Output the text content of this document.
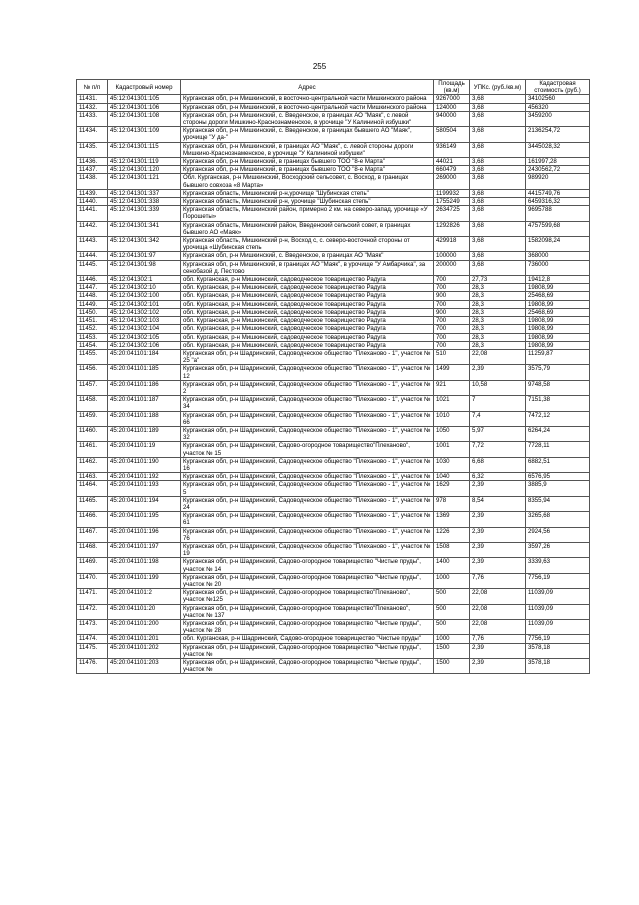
255
№ п/п	Кадастровый номер	Адрес	Площадь (кв.м)	УПКс. (руб./кв.м)	Кадастровая стоимость (руб.)
11431.	45:12:041301:105	Курганская обл, р-н Мишкинский, в восточно-центральной части Мишкинского района	9267000	3,68	34102560
11432.	45:12:041301:106	Курганская обл, р-н Мишкинский, в восточно-центральной части Мишкинского района	124000	3,68	456320
11433.	45:12:041301:108	Курганская обл, р-н Мишкинский, с. Введенское, в границах АО "Маяк", с левой стороны дороги Мишкино-Краснознаменское, в урочище "У Калининой избушки"	940000	3,68	3459200
11434.	45:12:041301:109	Курганская обл, р-н Мишкинский, с. Введенское, в границах бывшего АО "Маяк", урочище "У да-"	580504	3,68	2136254,72
11435.	45:12:041301:115	Курганская обл, р-н Мишкинский, в границах АО "Маяк", с. левой стороны дороги Мишкино-Краснознаменское, в урочище "У Калининой избушки"	936149	3,68	3445028,32
11436.	45:12:041301:119	Курганская обл, р-н Мишкинский, в границах бывшего ТОО "8-е Марта"	44021	3,68	161997,28
11437.	45:12:041301:120	Курганская обл, р-н Мишкинский, в границах бывшего ТОО "8-е Марта"	660479	3,68	2430562,72
11438.	45:12:041301:121	Обл. Курганская, р-н Мишкинский, Восходский сельсовет, с. Восход, в границах бывшего совхоза «8 Марта»	269000	3,68	989920
11439.	45:12:041301:337	Курганская область, Мишкинский р-н,урочище "Шубинская степь"	1199932	3,68	4415749,76
11440.	45:12:041301:338	Курганская область, Мишкинский р-н, урочище "Шубинская степь"	1755249	3,68	6459316,32
11441.	45:12:041301:339	Курганская область, Мишкинский район, примерно 2 км. на северо-запад, урочище «У Порошеты»	2634725	3,68	9695788
11442.	45:12:041301:341	Курганская область, Мишкинский район, Введенский сельский совет, в границах бывшего АО «Маяк»	1292826	3,68	4757599,68
11443.	45:12:041301:342	Курганская область, Мишкинский р-н, Восход с, с. северо-восточной стороны от урочища «Шубинская степь	429918	3,68	1582098,24
11444.	45:12:041301:97	Курганская обл, р-н Мишкинский, с. Введенское, в границах АО "Маяк"	100000	3,68	368000
11445.	45:12:041301:98	Курганская обл, р-н Мишкинский, в границах АО "Маяк", в урочище "У Амбарчика", за сенобазой д. Пестово	200000	3,68	736000
11446.	45:12:041302:1	обл. Курганская, р-н Мишкинский, садоводческое товарищество Радуга	700	27,73	19412,8
11447.	45:12:041302:10	обл. Курганская, р-н Мишкинский, садоводческое товарищество Радуга	700	28,3	19808,99
11448.	45:12:041302:100	обл. Курганская, р-н Мишкинский, садоводческое товарищество Радуга	900	28,3	25468,69
11449.	45:12:041302:101	обл. Курганская, р-н Мишкинский, садоводческое товарищество Радуга	700	28,3	19808,99
11450.	45:12:041302:102	обл. Курганская, р-н Мишкинский, садоводческое товарищество Радуга	900	28,3	25468,69
11451.	45:12:041302:103	обл. Курганская, р-н Мишкинский, садоводческое товарищество Радуга	700	28,3	19808,99
11452.	45:12:041302:104	обл. Курганская, р-н Мишкинский, садоводческое товарищество Радуга	700	28,3	19808,99
11453.	45:12:041302:105	обл. Курганская, р-н Мишкинский, садоводческое товарищество Радуга	700	28,3	19808,99
11454.	45:12:041302:106	обл. Курганская, р-н Мишкинский, садоводческое товарищество Радуга	700	28,3	19808,99
11455.	45:20:041101:184	Курганская обл, р-н Шадринский, Садоводческое общество "Плеханово - 1", участок № 25 "а"	510	22,08	11259,87
11456.	45:20:041101:185	Курганская обл, р-н Шадринский, Садоводческое общество "Плеханово - 1", участок № 12	1499	2,39	3575,79
11457.	45:20:041101:186	Курганская обл, р-н Шадринский, Садоводческое общество "Плеханово - 1", участок № 2	921	10,58	9748,58
11458.	45:20:041101:187	Курганская обл, р-н Шадринский, Садоводческое общество "Плеханово - 1", участок № 34	1021	7	7151,38
11459.	45:20:041101:188	Курганская обл, р-н Шадринский, Садоводческое общество "Плеханово - 1", участок № 66	1010	7,4	7472,12
11460.	45:20:041101:189	Курганская обл, р-н Шадринский, Садоводческое общество "Плеханово - 1", участок № 32	1050	5,97	6264,24
11461.	45:20:041101:19	Курганская обл, р-н Шадринский, Садово-огородное товарищество"Плеханово", участок № 15	1001	7,72	7728,11
11462.	45:20:041101:190	Курганская обл, р-н Шадринский, Садоводческое общество "Плеханово - 1", участок № 16	1030	6,68	6882,51
11463.	45:20:041101:192	Курганская обл, р-н Шадринский, Садоводческое общество "Плеханово - 1", участок №	1040	6,32	6576,95
11464.	45:20:041101:193	Курганская обл, р-н Шадринский, Садоводческое общество "Плеханово - 1", участок № 5	1629	2,39	3885,9
11465.	45:20:041101:194	Курганская обл, р-н Шадринский, Садоводческое общество "Плеханово - 1", участок № 24	978	8,54	8355,94
11466.	45:20:041101:195	Курганская обл, р-н Шадринский, Садоводческое общество "Плеханово - 1", участок № 61	1369	2,39	3265,68
11467.	45:20:041101:196	Курганская обл, р-н Шадринский, Садоводческое общество "Плеханово - 1", участок № 76	1226	2,39	2924,56
11468.	45:20:041101:197	Курганская обл, р-н Шадринский, Садоводческое общество "Плеханово - 1", участок № 19	1508	2,39	3597,26
11469.	45:20:041101:198	Курганская обл, р-н Шадринский, Садово-огородное товарищество "Чистые пруды", участок № 14	1400	2,39	3339,63
11470.	45:20:041101:199	Курганская обл, р-н Шадринский, Садово-огородное товарищество "Чистые пруды", участок № 20	1000	7,76	7756,19
11471.	45:20:041101:2	Курганская обл, р-н Шадринский, Садово-огородное товарищество"Плеханово", участок №125	500	22,08	11039,09
11472.	45:20:041101:20	Курганская обл, р-н Шадринский, Садово-огородное товарищество"Плеханово", участок № 137	500	22,08	11039,09
11473.	45:20:041101:200	Курганская обл, р-н Шадринский, Садово-огородное товарищество "Чистые пруды", участок № 28	500	22,08	11039,09
11474.	45:20:041101:201	обл. Курганская, р-н Шадринский, Садово-огородное товарищество "Чистые пруды"	1000	7,76	7756,19
11475.	45:20:041101:202	Курганская обл, р-н Шадринский, Садово-огородное товарищество "Чистые пруды", участок №	1500	2,39	3578,18
11476.	45:20:041101:203	Курганская обл, р-н Шадринский, Садово-огородное товарищество "Чистые пруды", участок №	1500	2,39	3578,18
